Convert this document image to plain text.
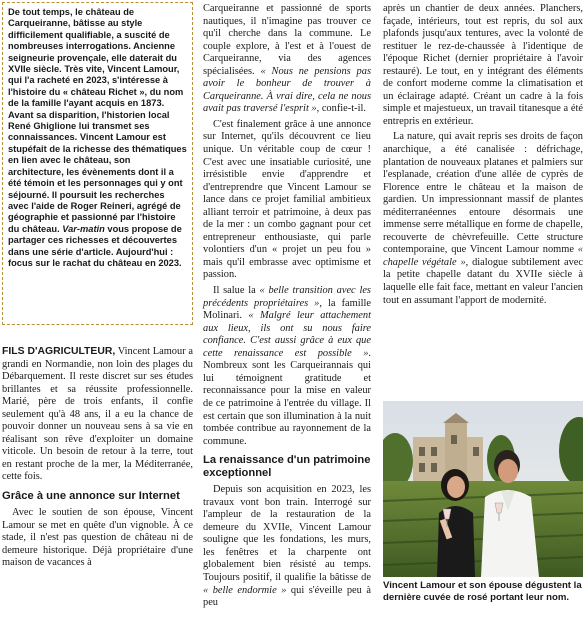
De tout temps, le château de Carqueiranne, bâtisse au style difficilement qualifiable, a suscité de nombreuses interrogations. Ancienne seigneurie provençale, elle daterait du XVIIe siècle. Très vite, Vincent Lamour, qui l'a racheté en 2023, s'intéresse à l'histoire du « château Richet », du nom de la famille l'ayant acquis en 1873. Avant sa disparition, l'historien local René Ghiglione lui transmet ses connaissances. Vincent Lamour est stupéfait de la richesse des thématiques en lien avec le château, son architecture, les évènements dont il a été témoin et les personnages qui y ont séjourné. Il poursuit les recherches avec l'aide de Roger Reineri, agrégé de géographie et passionné par l'histoire du château. Var-matin vous propose de partager ces richesses et découvertes dans une série d'article. Aujourd'hui : focus sur le rachat du château en 2023.

FILS D'AGRICULTEUR, Vincent Lamour a grandi en Normandie, non loin des plages du Débarquement. Il reste discret sur ses études brillantes et sa réussite professionnelle. Marié, père de trois enfants, il confie seulement qu'à 48 ans, il a eu la chance de pouvoir donner un nouveau sens à sa vie en réalisant son rêve d'exploiter un domaine viticole. Un besoin de retour à la terre, tout en restant proche de la mer, la Méditerranée, cette fois.

Grâce à une annonce sur Internet

Avec le soutien de son épouse, Vincent Lamour se met en quête d'un vignoble. À ce stade, il n'est pas question de château ni de demeure historique. Déjà propriétaire d'une maison de vacances à

Carqueiranne et passionné de sports nautiques, il n'imagine pas trouver ce qu'il cherche dans la commune. Le couple explore, à l'est et à l'ouest de Carqueiranne, via des agences spécialisées. « Nous ne pensions pas avoir le bonheur de trouver à Carqueiranne. À vrai dire, cela ne nous avait pas traversé l'esprit », confie-t-il.

C'est finalement grâce à une annonce sur Internet, qu'ils découvrent ce lieu unique. Un véritable coup de cœur ! C'est avec une insatiable curiosité, une irrésistible envie d'apprendre et d'entreprendre que Vincent Lamour se lance dans ce projet familial ambitieux alliant terroir et patrimoine, à deux pas de la mer : un combo gagnant pour cet entrepreneur enthousiaste, qui parle volontiers d'un « projet un peu fou » mais qu'il embrasse avec optimisme et passion.

Il salue la « belle transition avec les précédents propriétaires », la famille Molinari. « Malgré leur attachement aux lieux, ils ont su nous faire confiance. C'est aussi grâce à eux que cette renaissance est possible ». Nombreux sont les Carqueirannais qui lui témoignent gratitude et reconnaissance pour la mise en valeur de ce patrimoine à l'entrée du village. Il est certain que son illumination à la nuit tombée contribue au rayonnement de la commune.

La renaissance d'un patrimoine exceptionnel

Depuis son acquisition en 2023, les travaux vont bon train. Interrogé sur l'ampleur de la restauration de la demeure du XVIIe, Vincent Lamour souligne que les fondations, les murs, les fenêtres et la charpente ont globalement bien résisté au temps. Toujours positif, il qualifie la bâtisse de « belle endormie » qui s'éveille peu à peu

après un chantier de deux années. Planchers, façade, intérieurs, tout est repris, du sol aux plafonds jusqu'aux tentures, avec la volonté de restituer le rez-de-chaussée à l'identique de l'époque Richet (dernier propriétaire à l'avoir restauré). Le tout, en y intégrant des éléments de confort moderne comme la climatisation et un éclairage adapté. Créant un cadre à la fois simple et majestueux, un travail titanesque a été entrepris en extérieur.

La nature, qui avait repris ses droits de façon anarchique, a été canalisée : défrichage, plantation de nouveaux platanes et palmiers sur l'esplanade, création d'une allée de cyprès de Florence entre le château et la maison de gardien. Un impressionnant massif de plantes méditerranéennes entoure désormais une immense serre métallique en forme de chapelle, recouverte de chèvrefeuille. Cette structure contemporaine, que Vincent Lamour nomme « chapelle végétale », dialogue subtilement avec la petite chapelle datant du XVIIe siècle à laquelle elle fait face, mettant en valeur l'ancien tout en assumant l'apport de modernité.

Vincent Lamour et son épouse dégustent la dernière cuvée de rosé portant leur nom.
